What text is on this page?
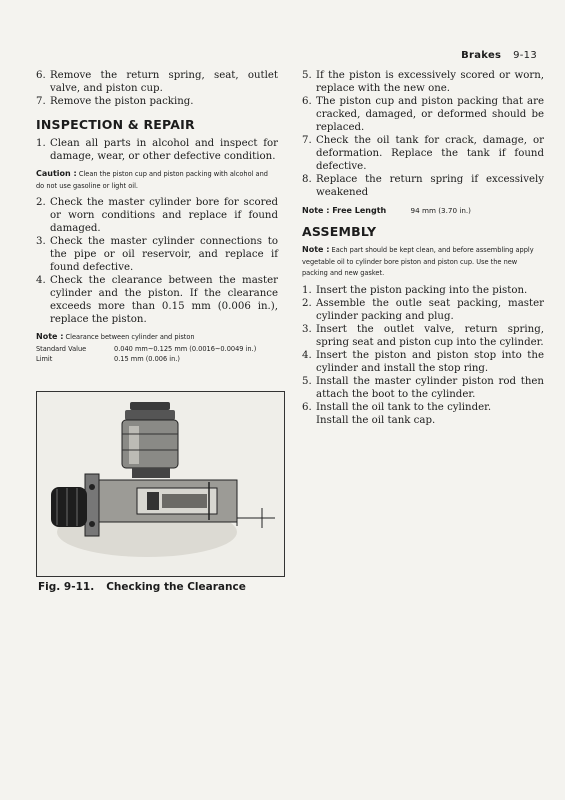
Brakes 9-13
6. Remove the return spring, seat, outlet valve, and piston cup.
7. Remove the piston packing.
INSPECTION & REPAIR
1. Clean all parts in alcohol and inspect for damage, wear, or other defective condition.
Caution : Clean the piston cup and piston packing with alcohol and do not use gasoline or light oil.
2. Check the master cylinder bore for scored or worn conditions and replace if found damaged.
3. Check the master cylinder connections to the pipe or oil reservoir, and replace if found defective.
4. Check the clearance between the master cylinder and the piston. If the clearance exceeds more than 0.15 mm (0.006 in.), replace the piston.
Note : Clearance between cylinder and piston
Standard Value	0.040 mm~0.125 mm (0.0016~0.0049 in.)
Limit	0.15 mm (0.006 in.)
Fig. 9-11. Checking the Clearance
5. If the piston is excessively scored or worn, replace with the new one.
6. The piston cup and piston packing that are cracked, damaged, or deformed should be replaced.
7. Check the oil tank for crack, damage, or deformation. Replace the tank if found defective.
8. Replace the return spring if excessively weakened
Note : Free Length	94 mm (3.70 in.)
ASSEMBLY
Note : Each part should be kept clean, and before assembling apply vegetable oil to cylinder bore piston and piston cup. Use the new packing and new gasket.
1. Insert the piston packing into the piston.
2. Assemble the outle seat packing, master cylinder packing and plug.
3. Insert the outlet valve, return spring, spring seat and piston cup into the cylinder.
4. Insert the piston and piston stop into the cylinder and install the stop ring.
5. Install the master cylinder piston rod then attach the boot to the cylinder.
6. Install the oil tank to the cylinder.
Install the oil tank cap.
